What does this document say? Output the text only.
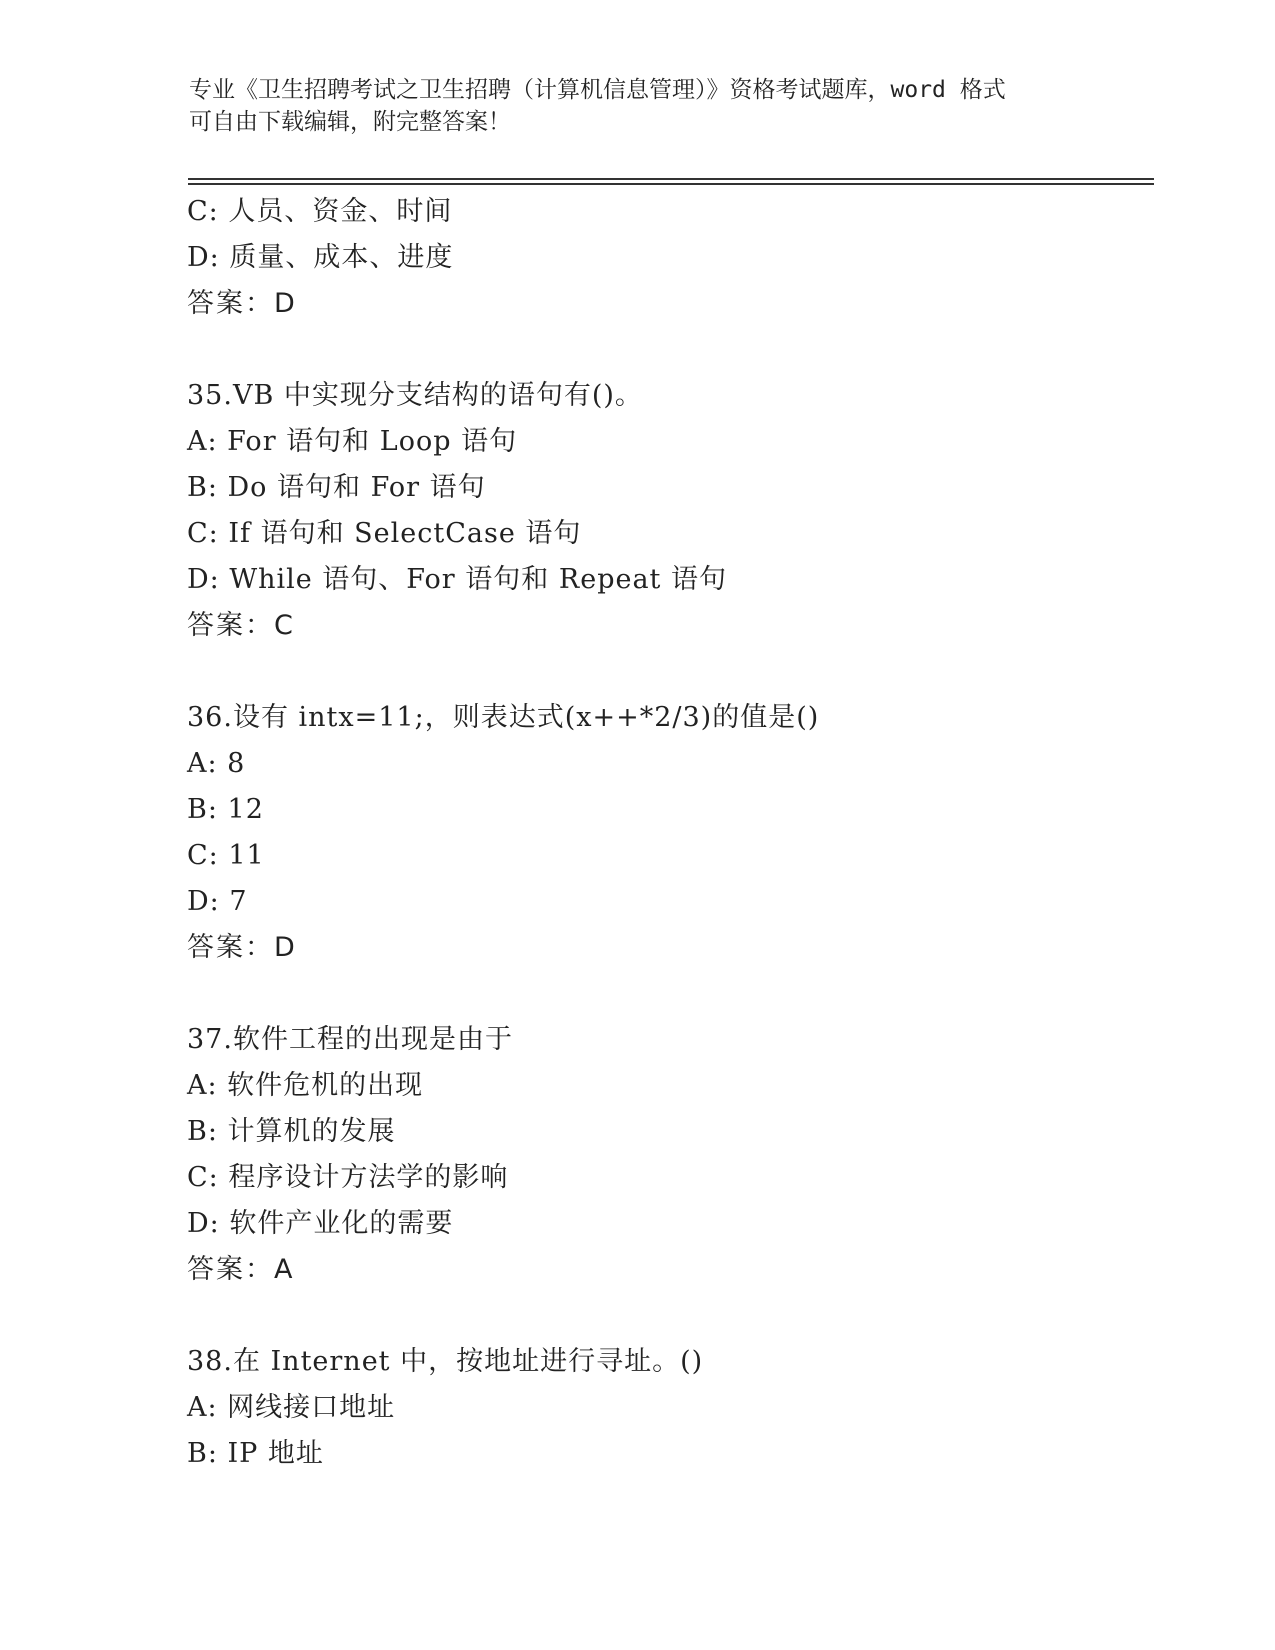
专业《卫生招聘考试之卫生招聘（计算机信息管理）》资格考试题库，word 格式
可自由下载编辑，附完整答案！
C: 人员、资金、时间
D: 质量、成本、进度
答案：D
35.VB 中实现分支结构的语句有()。
A: For 语句和 Loop 语句
B: Do 语句和 For 语句
C: If 语句和 SelectCase 语句
D: While 语句、For 语句和 Repeat 语句
答案：C
36.设有 intx=11;，则表达式(x++*2/3)的值是()
A: 8
B: 12
C: 11
D: 7
答案：D
37.软件工程的出现是由于
A: 软件危机的出现
B: 计算机的发展
C: 程序设计方法学的影响
D: 软件产业化的需要
答案：A
38.在 Internet 中，按地址进行寻址。()
A: 网线接口地址
B: IP 地址
